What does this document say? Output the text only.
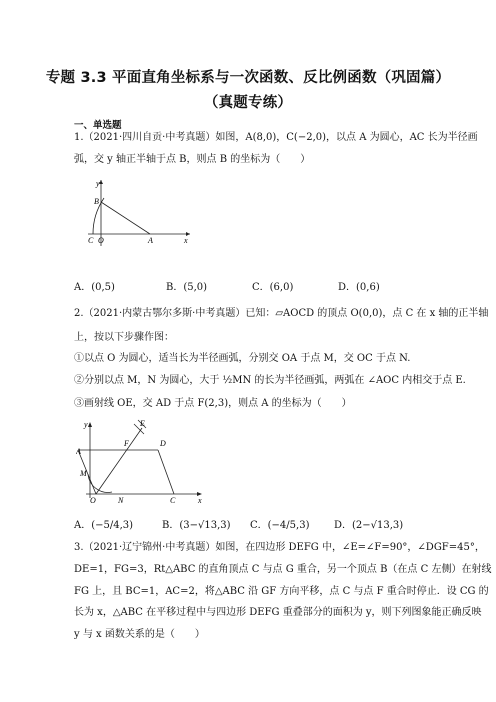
专题 3.3 平面直角坐标系与一次函数、反比例函数（巩固篇）
（真题专练）
一、单选题
1.（2021·四川自贡·中考真题）如图，A(8,0)，C(−2,0)，以点 A 为圆心，AC 长为半径画
弧，交 y 轴正半轴于点 B，则点 B 的坐标为（　　）
y
B
C O	A	x
A．(0,5)	B．(5,0)	C．(6,0)	D．(0,6)
2.（2021·内蒙古鄂尔多斯·中考真题）已知：▱AOCD 的顶点 O(0,0)，点 C 在 x 轴的正半轴
上，按以下步骤作图：
①以点 O 为圆心，适当长为半径画弧，分别交 OA 于点 M，交 OC 于点 N.
②分别以点 M，N 为圆心，大于 ½MN 的长为半径画弧，两弧在 ∠AOC 内相交于点 E.
③画射线 OE，交 AD 于点 F(2,3)，则点 A 的坐标为（　　）
y	E
A
F	D
M
O	N	C	x
A．(−5/4,3)	B．(3−√13,3) C．(−4/5,3) D．(2−√13,3)
3.（2021·辽宁锦州·中考真题）如图，在四边形 DEFG 中，∠E=∠F=90°，∠DGF=45°，
DE=1，FG=3，Rt△ABC 的直角顶点 C 与点 G 重合，另一个顶点 B（在点 C 左侧）在射线
FG 上，且 BC=1，AC=2，将△ABC 沿 GF 方向平移，点 C 与点 F 重合时停止．设 CG 的
长为 x，△ABC 在平移过程中与四边形 DEFG 重叠部分的面积为 y，则下列图象能正确反映
y 与 x 函数关系的是（　　）
